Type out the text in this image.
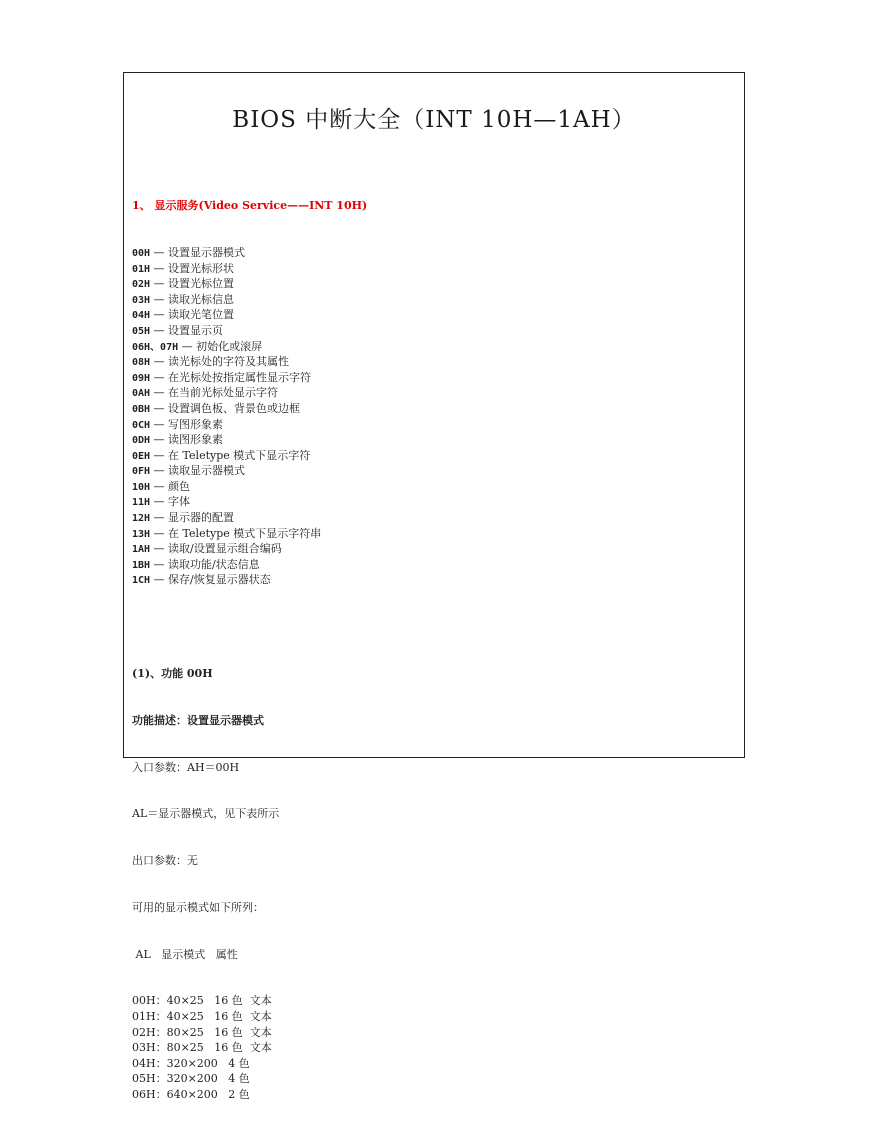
BIOS 中断大全（INT 10H—1AH）

1、 显示服务(Video Service——INT 10H)

00H — 设置显示器模式
01H — 设置光标形状
02H — 设置光标位置
03H — 读取光标信息
04H — 读取光笔位置
05H — 设置显示页
06H、07H — 初始化或滚屏
08H — 读光标处的字符及其属性
09H — 在光标处按指定属性显示字符
0AH — 在当前光标处显示字符
0BH — 设置调色板、背景色或边框
0CH — 写图形象素
0DH — 读图形象素
0EH — 在 Teletype 模式下显示字符
0FH — 读取显示器模式
10H — 颜色
11H — 字体
12H — 显示器的配置
13H — 在 Teletype 模式下显示字符串
1AH — 读取/设置显示组合编码
1BH — 读取功能/状态信息
1CH — 保存/恢复显示器状态

(1)、功能 00H

功能描述：设置显示器模式

入口参数：AH＝00H

AL＝显示器模式，见下表所示

出口参数：无

可用的显示模式如下所列：

AL   显示模式   属性

00H：40×25   16 色  文本
01H：40×25   16 色  文本
02H：80×25   16 色  文本
03H：80×25   16 色  文本
04H：320×200   4 色
05H：320×200   4 色
06H：640×200   2 色
